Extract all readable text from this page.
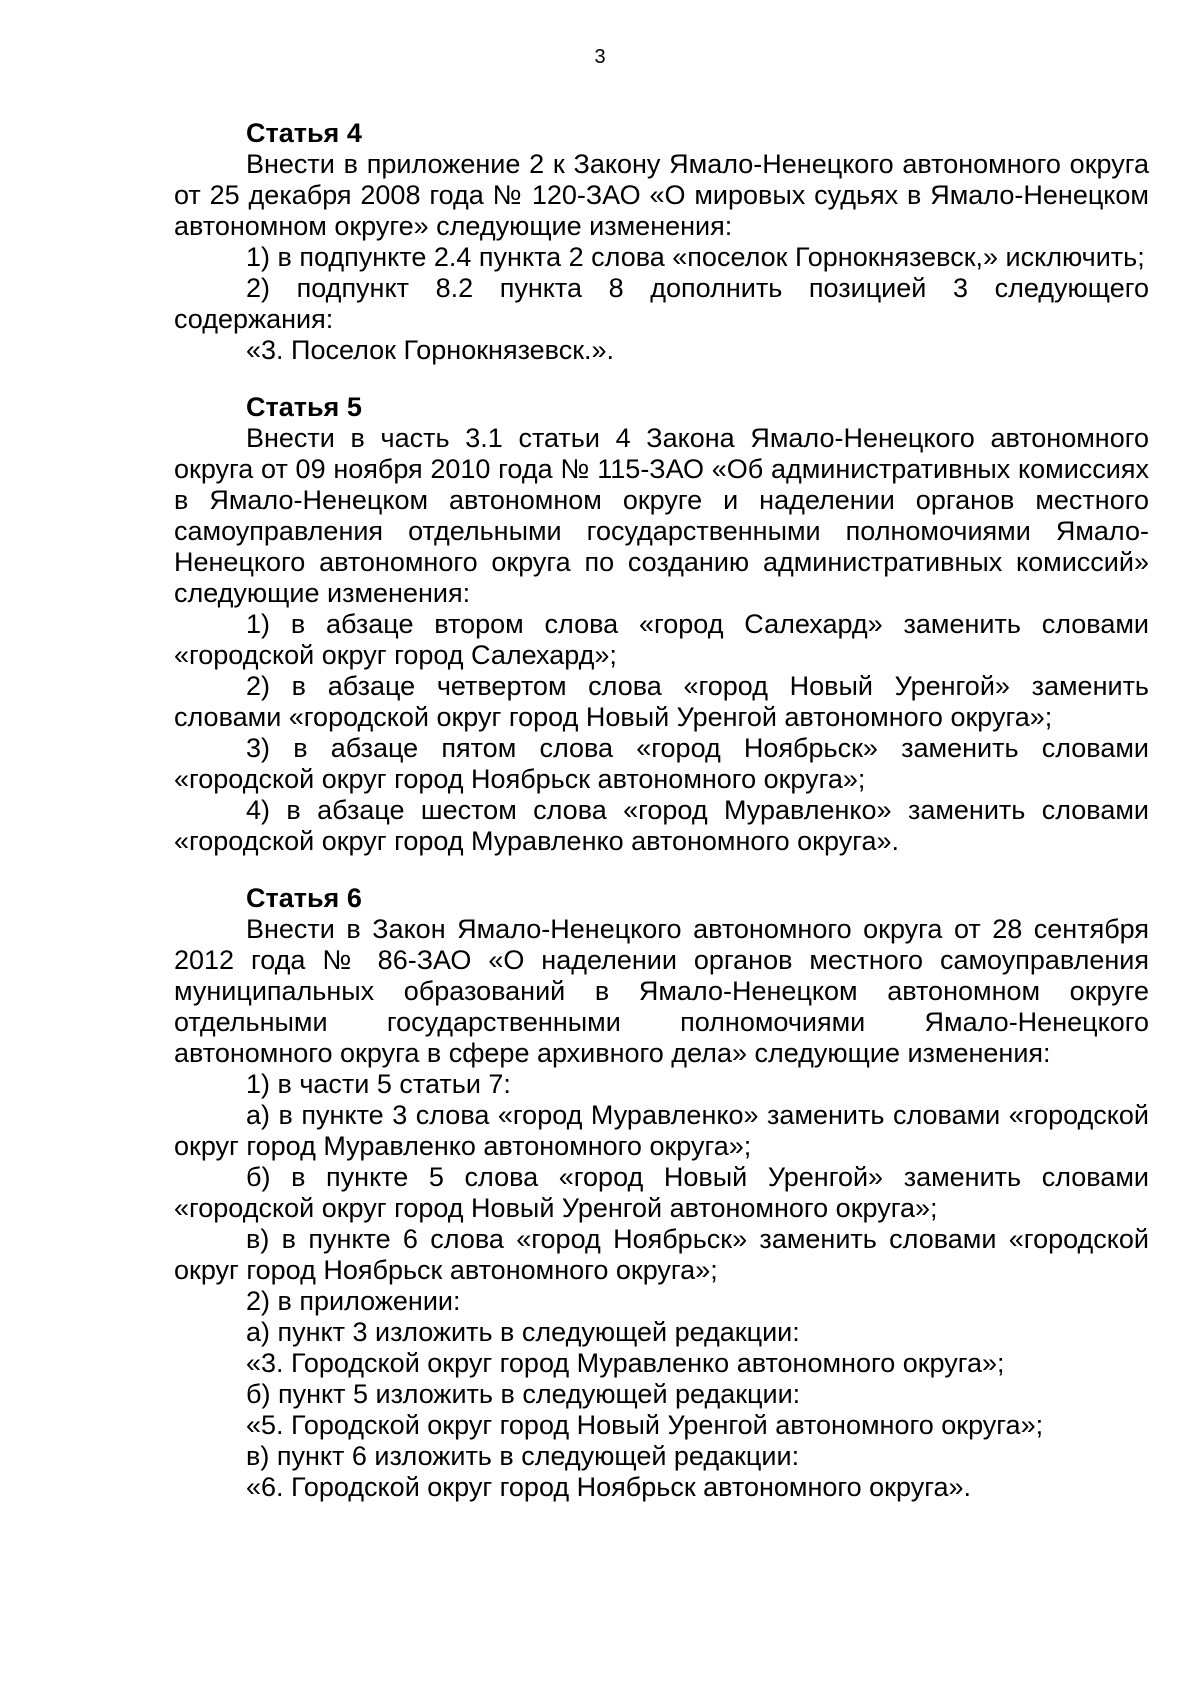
3
Статья 4

Внести в приложение 2 к Закону Ямало-Ненецкого автономного округа от 25 декабря 2008 года № 120-ЗАО «О мировых судьях в Ямало-Ненецком автономном округе» следующие изменения:

1) в подпункте 2.4 пункта 2 слова «поселок Горнокнязевск,» исключить;

2) подпункт 8.2 пункта 8 дополнить позицией 3 следующего содержания:

«3. Поселок Горнокнязевск.».

Статья 5

Внести в часть 3.1 статьи 4 Закона Ямало-Ненецкого автономного округа от 09 ноября 2010 года № 115-ЗАО «Об административных комиссиях в Ямало-Ненецком автономном округе и наделении органов местного самоуправления отдельными государственными полномочиями Ямало-Ненецкого автономного округа по созданию административных комиссий» следующие изменения:

1) в абзаце втором слова «город Салехард» заменить словами «городской округ город Салехард»;

2) в абзаце четвертом слова «город Новый Уренгой» заменить словами «городской округ город Новый Уренгой автономного округа»;

3) в абзаце пятом слова «город Ноябрьск» заменить словами «городской округ город Ноябрьск автономного округа»;

4) в абзаце шестом слова «город Муравленко» заменить словами «городской округ город Муравленко автономного округа».

Статья 6

Внести в Закон Ямало-Ненецкого автономного округа от 28 сентября 2012 года № 86-ЗАО «О наделении органов местного самоуправления муниципальных образований в Ямало-Ненецком автономном округе отдельными государственными полномочиями Ямало-Ненецкого автономного округа в сфере архивного дела» следующие изменения:

1) в части 5 статьи 7:

а) в пункте 3 слова «город Муравленко» заменить словами «городской округ город Муравленко автономного округа»;

б) в пункте 5 слова «город Новый Уренгой» заменить словами «городской округ город Новый Уренгой автономного округа»;

в) в пункте 6 слова «город Ноябрьск» заменить словами «городской округ город Ноябрьск автономного округа»;

2) в приложении:

а) пункт 3 изложить в следующей редакции:

«3. Городской округ город Муравленко автономного округа»;

б) пункт 5 изложить в следующей редакции:

«5. Городской округ город Новый Уренгой автономного округа»;

в) пункт 6 изложить в следующей редакции:

«6. Городской округ город Ноябрьск автономного округа».
